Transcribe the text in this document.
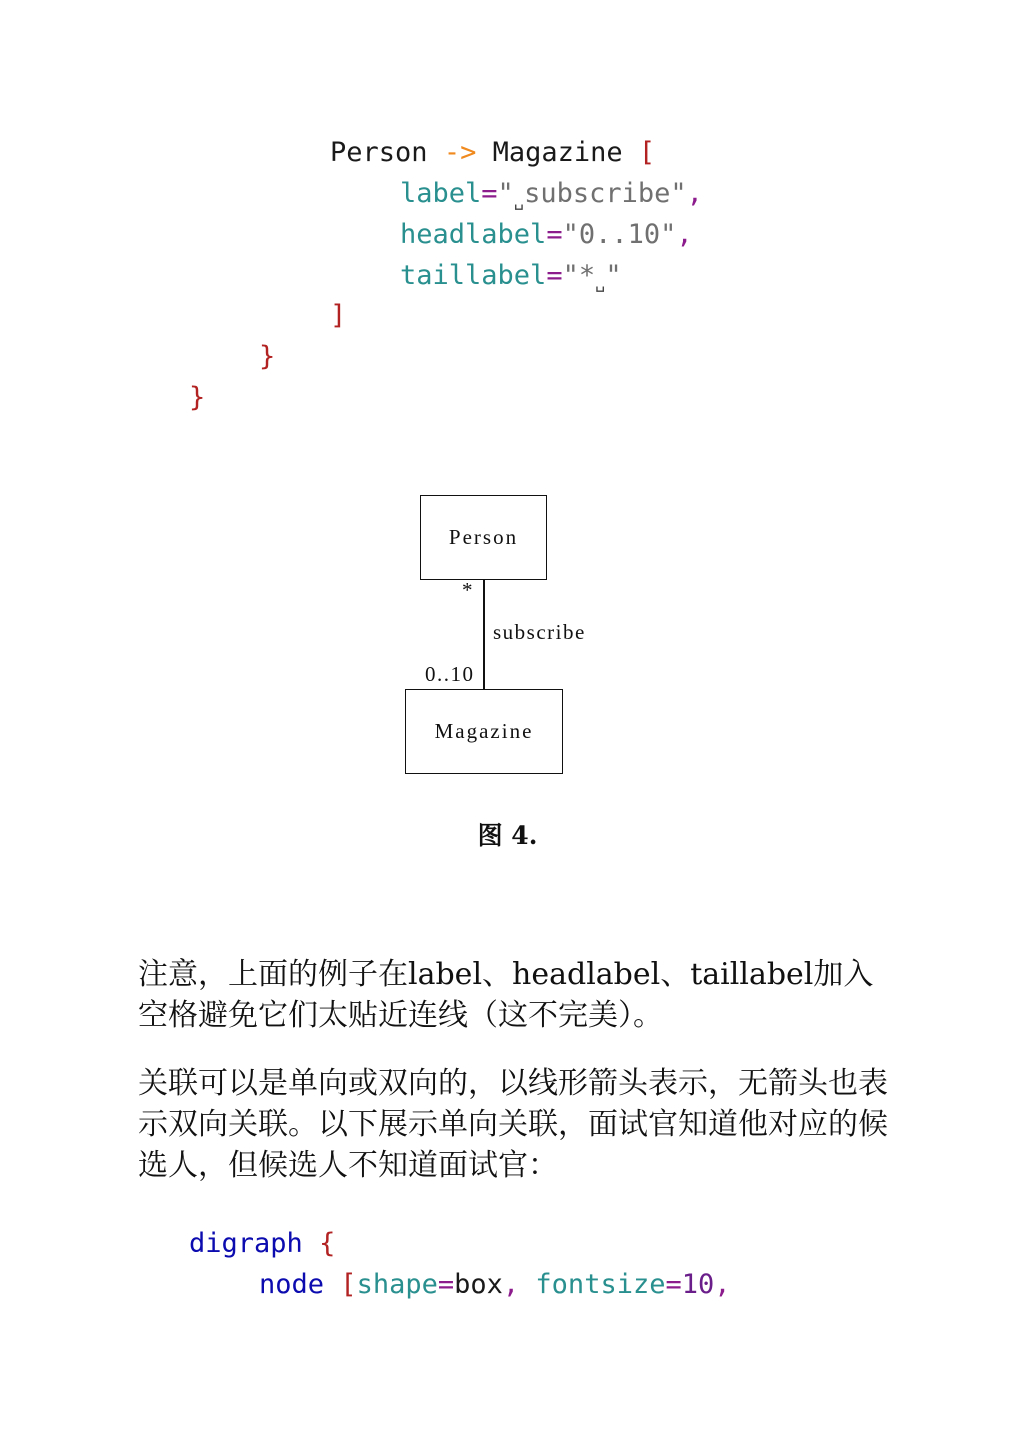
Person -> Magazine [
label="␣subscribe",
headlabel="0..10",
taillabel="*␣"
]
}
}
Person
*
subscribe
0..10
Magazine
图 4.

注意，上面的例子在label、headlabel、taillabel加入空格避免它们太贴近连线（这不完美）。

关联可以是单向或双向的，以线形箭头表示，无箭头也表示双向关联。以下展示单向关联，面试官知道他对应的候选人，但候选人不知道面试官：

digraph {
node [shape=box, fontsize=10,
